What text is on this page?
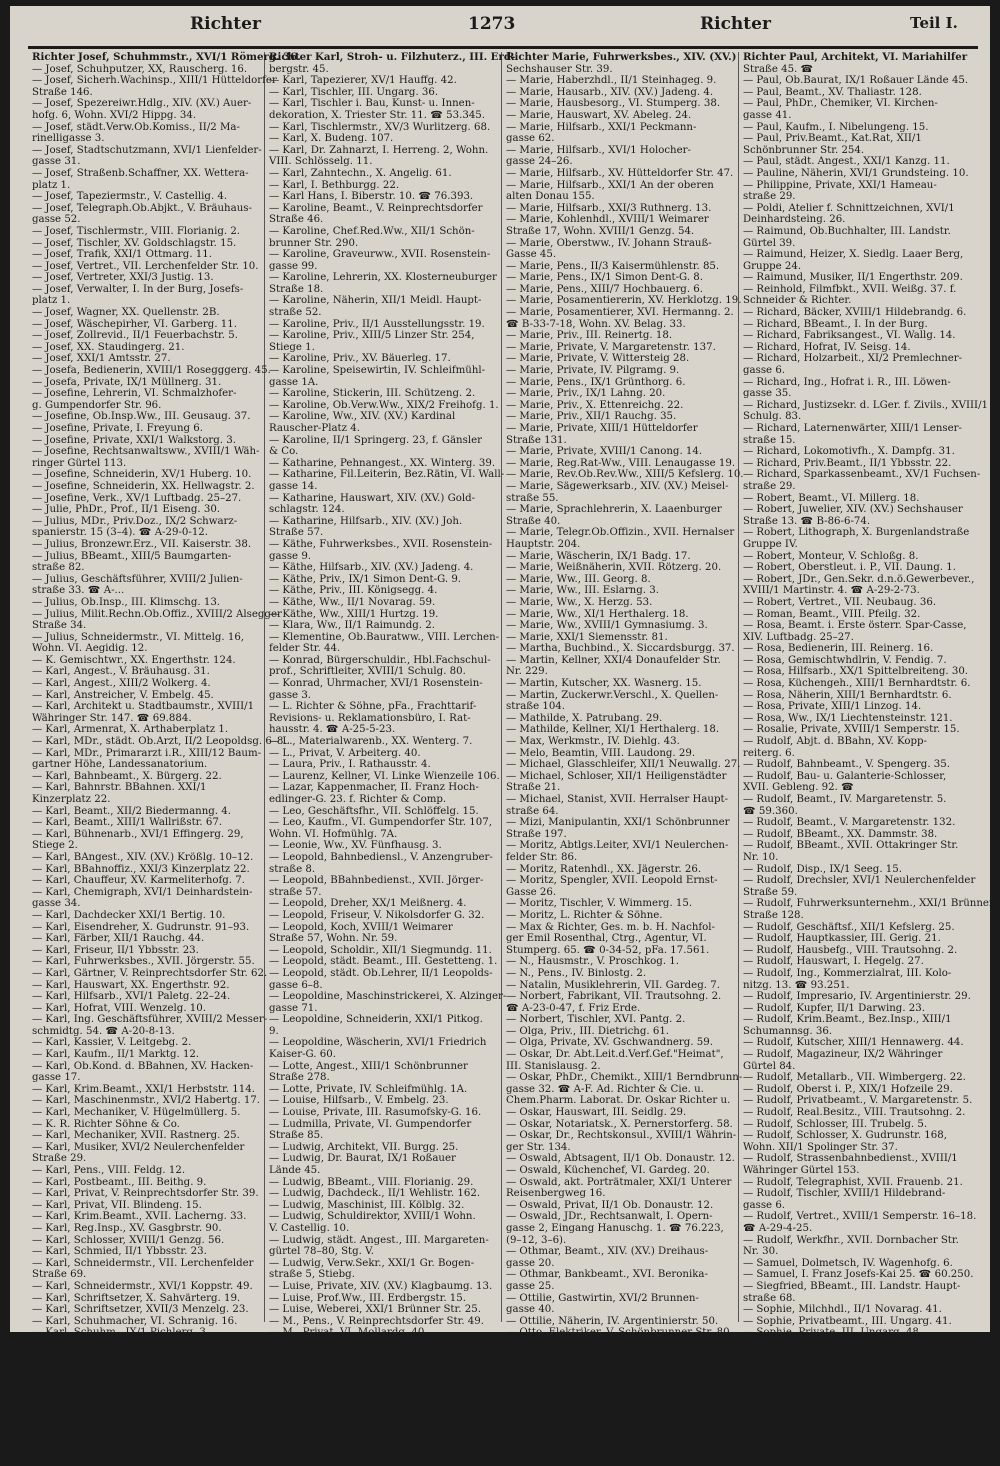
Richter	1273	Richter	Teil I.
Richter Josef, Schuhmmstr., XVI/1 Römerg. 36.
— Josef, Schuhputzer, XX, Rauscherg. 16.
— Josef, Sicherh.Wachinsp., XIII/1 Hütteldorfer
Straße 146.
— Josef, Spezereiwr.Hdlg., XIV. (XV.) Auer-
hofg. 6, Wohn. XVI/2 Hippg. 34.
— Josef, städt.Verw.Ob.Komiss., II/2 Ma-
rinelligasse 3.
— Josef, Stadtschutzmann, XVI/1 Lienfelder-
gasse 31.
— Josef, Straßenb.Schaffner, XX. Wettera-
platz 1.
— Josef, Tapeziermstr., V. Castellig. 4.
— Josef, Telegraph.Ob.Abjkt., V. Bräuhaus-
gasse 52.
— Josef, Tischlermstr., VIII. Florianig. 2.
— Josef, Tischler, XV. Goldschlagstr. 15.
— Josef, Trafik, XXI/1 Ottmarg. 11.
— Josef, Vertret., VII. Lerchenfelder Str. 10.
— Josef, Vertreter, XXI/3 Justig. 13.
— Josef, Verwalter, I. In der Burg, Josefs-
platz 1.
— Josef, Wagner, XX. Quellenstr. 2B.
— Josef, Wäschepirher, VI. Garberg. 11.
— Josef, Zollrevid., II/1 Feuerbachstr. 5.
— Josef, XX. Staudingerg. 21.
— Josef, XXI/1 Amtsstr. 27.
— Josefa, Bedienerin, XVIII/1 Rosegggerg. 45.
— Josefa, Private, IX/1 Müllnerg. 31.
— Josefine, Lehrerin, VI. Schmalzhofer-
g. Gumpendorfer Str. 96.
— Josefine, Ob.Insp.Ww., III. Geusaug. 37.
— Josefine, Private, I. Freyung 6.
— Josefine, Private, XXI/1 Walkstorg. 3.
— Josefine, Rechtsanwaltsww., XVIII/1 Wäh-
ringer Gürtel 113.
— Josefine, Schneiderin, XV/1 Huberg. 10.
— Josefine, Schneiderin, XX. Hellwagstr. 2.
— Josefine, Verk., XV/1 Luftbadg. 25–27.
— Julie, PhDr., Prof., II/1 Eiseng. 30.
— Julius, MDr., Priv.Doz., IX/2 Schwarz-
spanierstr. 15 (3–4). ☎ A-29-0-12.
— Julius, Bronzewr.Erz., VII. Kaiserstr. 38.
— Julius, BBeamt., XIII/5 Baumgarten-
straße 82.
— Julius, Geschäftsführer, XVIII/2 Julien-
straße 33. ☎ A-...
— Julius, Ob.Insp., III. Klimschg. 13.
— Julius, Milit.Rechn.Ob.Offiz., XVIII/2 Alsegger
Straße 34.
— Julius, Schneidermstr., VI. Mittelg. 16,
Wohn. VI. Aegidig. 12.
— K. Gemischtwr., XX. Engerthstr. 124.
— Karl, Angest., V. Bräuhausg. 31.
— Karl, Angest., XIII/2 Wolkerg. 4.
— Karl, Anstreicher, V. Embelg. 45.
— Karl, Architekt u. Stadtbaumstr., XVIII/1
Währinger Str. 147. ☎ 69.884.
— Karl, Armenrat, X. Arthaberplatz 1.
— Karl, MDr., städt. Ob.Arzt, II/2 Leopoldsg. 6–8.
— Karl, MDr., Primararzt i.R., XIII/12 Baum-
gartner Höhe, Landessanatorium.
— Karl, Bahnbeamt., X. Bürgerg. 22.
— Karl, Bahnrstr. BBahnen. XXI/1
Kinzerplatz 22.
— Karl, Beamt., XII/2 Biedermanng. 4.
— Karl, Beamt., XIII/1 Wallrißstr. 67.
— Karl, Bühnenarb., XVI/1 Effingerg. 29,
Stiege 2.
— Karl, BAngest., XIV. (XV.) Krößlg. 10–12.
— Karl, BBahnoffiz., XXI/3 Kinzerplatz 22.
— Karl, Chauffeur, XV. Karmeliterhofg. 7.
— Karl, Chemigraph, XVI/1 Deinhardstein-
gasse 34.
— Karl, Dachdecker XXI/1 Bertig. 10.
— Karl, Eisendreher, X. Gudrunstr. 91–93.
— Karl, Färber, XII/1 Rauchg. 44.
— Karl, Friseur, II/1 Ybbsstr. 23.
— Karl, Fuhrwerksbes., XVII. Jörgerstr. 55.
— Karl, Gärtner, V. Reinprechtsdorfer Str. 62.
— Karl, Hauswart, XX. Engerthstr. 92.
— Karl, Hilfsarb., XVI/1 Paletg. 22–24.
— Karl, Hofrat, VIII. Wenzelg. 10.
— Karl, Ing. Geschäftsführer, XVIII/2 Messer-
schmidtg. 54. ☎ A-20-8-13.
— Karl, Kassier, V. Leitgebg. 2.
— Karl, Kaufm., II/1 Marktg. 12.
— Karl, Ob.Kond. d. BBahnen, XV. Hacken-
gasse 17.
— Karl, Krim.Beamt., XXI/1 Herbststr. 114.
— Karl, Maschinenmstr., XVI/2 Habertg. 17.
— Karl, Mechaniker, V. Hügelmüllerg. 5.
— K. R. Richter Söhne & Co.
— Karl, Mechaniker, XVII. Rastnerg. 25.
— Karl, Musiker, XVI/2 Neulerchenfelder
Straße 29.
— Karl, Pens., VIII. Feldg. 12.
— Karl, Postbeamt., III. Beithg. 9.
— Karl, Privat, V. Reinprechtsdorfer Str. 39.
— Karl, Privat, VII. Blindeng. 15.
— Karl, Krim.Beamt., XVII. Lacherng. 33.
— Karl, Reg.Insp., XV. Gasgbrstr. 90.
— Karl, Schlosser, XVIII/1 Genzg. 56.
— Karl, Schmied, II/1 Ybbsstr. 23.
— Karl, Schneidermstr., VII. Lerchenfelder
Straße 69.
— Karl, Schneidermstr., XVI/1 Koppstr. 49.
— Karl, Schriftsetzer, X. Sahvärterg. 19.
— Karl, Schriftsetzer, XVII/3 Menzelg. 23.
— Karl, Schuhmacher, VI. Schranig. 16.
— Karl, Schuhm., IX/1 Pichlerg. 3.
— Karl, Spengler, X. Dampfg. 35, Stiege 5.
— Karl, Spengler, XV/1 Böhmerg. 10.
— Karl, Spengler, XVII. Hernalser Haupt-
straße 184. ☎ A-23-1-16, Wohn. Nr. 165.
— Karl, städt. Lehrer, XX/3 Nordmanng. 96.
— Karl, städt. Rechn.Revid., XXI/1 Urbang. 8.
— Karl, stabsm. u. Gem.Rat, XXI/1
Schönbrunner Str. 264.
Richter Karl, Stroh- u. Filzhuterz., III. Erd-
bergstr. 45.
— Karl, Tapezierer, XV/1 Hauffg. 42.
— Karl, Tischler, III. Ungarg. 36.
— Karl, Tischler i. Bau, Kunst- u. Innen-
dekoration, X. Triester Str. 11. ☎ 53.345.
— Karl, Tischlermstr., XV/3 Wurlitzerg. 68.
— Karl, X. Budeng. 107.
— Karl, Dr. Zahnarzt, I. Herreng. 2, Wohn.
VIII. Schlösselg. 11.
— Karl, Zahntechn., X. Angelig. 61.
— Karl, I. Bethburgg. 22.
— Karl Hans, I. Biberstr. 10. ☎ 76.393.
— Karoline, Beamt., V. Reinprechtsdorfer
Straße 46.
— Karoline, Chef.Red.Ww., XII/1 Schön-
brunner Str. 290.
— Karoline, Graveurww., XVII. Rosenstein-
gasse 99.
— Karoline, Lehrerin, XX. Klosterneuburger
Straße 18.
— Karoline, Näherin, XII/1 Meidl. Haupt-
straße 52.
— Karoline, Priv., II/1 Ausstellungsstr. 19.
— Karoline, Priv., XIII/5 Linzer Str. 254,
Stiege 1.
— Karoline, Priv., XV. Bäuerleg. 17.
— Karoline, Speisewirtin, IV. Schleifmühl-
gasse 1A.
— Karoline, Stickerin, III. Schützeng. 2.
— Karoline, Ob.Verw.Ww., XIX/2 Freihofg. 1.
— Karoline, Ww., XIV. (XV.) Kardinal
Rauscher-Platz 4.
— Karoline, II/1 Springerg. 23, f. Gänsler
& Co.
— Katharine, Pehnangest., XX. Winterg. 39.
— Katharine, Fil.Leiterin, Bez.Rätin, VI. Wall-
gasse 14.
— Katharine, Hauswart, XIV. (XV.) Gold-
schlagstr. 124.
— Katharine, Hilfsarb., XIV. (XV.) Joh.
Straße 57.
— Käthe, Fuhrwerksbes., XVII. Rosenstein-
gasse 9.
— Käthe, Hilfsarb., XIV. (XV.) Jadeng. 4.
— Käthe, Priv., IX/1 Simon Dent-G. 9.
— Käthe, Priv., III. Königsegg. 4.
— Käthe, Ww., II/1 Novarag. 59.
— Käthe, Ww., XIII/1 Hurtzg. 19.
— Klara, Ww., II/1 Raimundg. 2.
— Klementine, Ob.Bauratww., VIII. Lerchen-
felder Str. 44.
— Konrad, Bürgerschuldir., Hbl.Fachschul-
prof., Schriftleiter, XVIII/1 Schulg. 80.
— Konrad, Uhrmacher, XVI/1 Rosenstein-
gasse 3.
— L. Richter & Söhne, pFa., Frachttarif-
Revisions- u. Reklamationsbüro, I. Rat-
hausstr. 4. ☎ A-25-5-23.
— L., Materialwarenb., XX. Wenterg. 7.
— L., Privat, V. Arbeiterg. 40.
— Laura, Priv., I. Rathausstr. 4.
— Laurenz, Kellner, VI. Linke Wienzeile 106.
— Lazar, Kappenmacher, II. Franz Hoch-
edlinger-G. 23. f. Richter & Comp.
— Leo, Geschäftsfhr., VII. Schlöffelg. 15.
— Leo, Kaufm., VI. Gumpendorfer Str. 107,
Wohn. VI. Hofmühlg. 7A.
— Leonie, Ww., XV. Fünfhausg. 3.
— Leopold, Bahnbediensl., V. Anzengruber-
straße 8.
— Leopold, BBahnbedienst., XVII. Jörger-
straße 57.
— Leopold, Dreher, XX/1 Meißnerg. 4.
— Leopold, Friseur, V. Nikolsdorfer G. 32.
— Leopold, Koch, XVIII/1 Weimarer
Straße 57, Wohn. Nr. 59.
— Leopold, Scholdir., XII/1 Siegmundg. 11.
— Leopold, städt. Beamt., III. Gestetteng. 1.
— Leopold, städt. Ob.Lehrer, II/1 Leopolds-
gasse 6–8.
— Leopoldine, Maschinstrickerei, X. Alzinger-
gasse 71.
— Leopoldine, Schneiderin, XXI/1 Pitkog.
9.
— Leopoldine, Wäscherin, XVI/1 Friedrich
Kaiser-G. 60.
— Lotte, Angest., XIII/1 Schönbrunner
Straße 278.
— Lotte, Private, IV. Schleifmühlg. 1A.
— Louise, Hilfsarb., V. Embelg. 23.
— Louise, Private, III. Rasumofsky-G. 16.
— Ludmilla, Private, VI. Gumpendorfer
Straße 85.
— Ludwig, Architekt, VII. Burgg. 25.
— Ludwig, Dr. Baurat, IX/1 Roßauer
Lände 45.
— Ludwig, BBeamt., VIII. Florianig. 29.
— Ludwig, Dachdeck., II/1 Wehlistr. 162.
— Ludwig, Maschinist, III. Kölblg. 32.
— Ludwig, Schuldirektor, XVIII/1 Wohn.
V. Castellig. 10.
— Ludwig, städt. Angest., III. Margareten-
gürtel 78–80, Stg. V.
— Ludwig, Verw.Sekr., XXI/1 Gr. Bogen-
straße 5, Stiebg.
— Luise, Private, XIV. (XV.) Klagbaumg. 13.
— Luise, Prof.Ww., III. Erdbergstr. 15.
— Luise, Weberei, XXI/1 Brünner Str. 25.
— M., Pens., V. Reinprechtsdorfer Str. 49.
— M., Privat, VI. Mollardg. 40.
— Magdalene, Ww., X. Leibnizg. 16.
— Magdalene, Hilfsarb., XXI/1 Dieffen-
bachg. 40.
— Magdalene, Pens., IX/2 Alserstr. 40.
— Malvine, Private, I. Johanneg. 2.
☎ 77.675.
— Margarete, Beamtin, III. Schlachthausg. 16.
— Marie, Bedier., IX/1 Marting. 13.
— Marie, Bedien., XIV. (XV.) Ortnerg. 2.
— Marie, elektr. Wäscherolle, XV. Joanelli-
gasse 10, Wohn. VI. Schlebeg. 2.
Richter Marie, Fuhrwerksbes., XIV. (XV.)
Sechshauser Str. 39.
— Marie, Haberzhdl., II/1 Steinhageg. 9.
— Marie, Hausarb., XIV. (XV.) Jadeng. 4.
— Marie, Hausbesorg., VI. Stumperg. 38.
— Marie, Hauswart, XV. Abeleg. 24.
— Marie, Hilfsarb., XXI/1 Peckmann-
gasse 62.
— Marie, Hilfsarb., XVI/1 Holocher-
gasse 24–26.
— Marie, Hilfsarb., XV. Hütteldorfer Str. 47.
— Marie, Hilfsarb., XXI/1 An der oberen
alten Donau 155.
— Marie, Hilfsarb., XXI/3 Ruthnerg. 13.
— Marie, Kohlenhdl., XVIII/1 Weimarer
Straße 17, Wohn. XVIII/1 Genzg. 54.
— Marie, Oberstww., IV. Johann Strauß-
Gasse 45.
— Marie, Pens., II/3 Kaisermühlenstr. 85.
— Marie, Pens., IX/1 Simon Dent-G. 8.
— Marie, Pens., XIII/7 Hochbauerg. 6.
— Marie, Posamentiererin, XV. Herklotzg. 19.
— Marie, Posamentierer, XVI. Hermanng. 2.
☎ B-33-7-18, Wohn. XV. Belag. 33.
— Marie, Priv., III. Reinertg. 18.
— Marie, Private, V. Margaretenstr. 137.
— Marie, Private, V. Wittersteig 28.
— Marie, Private, IV. Pilgramg. 9.
— Marie, Pens., IX/1 Grünthorg. 6.
— Marie, Priv., IX/1 Lahng. 20.
— Marie, Priv., X. Ettenreichg. 22.
— Marie, Priv., XII/1 Rauchg. 35.
— Marie, Private, XIII/1 Hütteldorfer
Straße 131.
— Marie, Private, XVIII/1 Canong. 14.
— Marie, Reg.Rat-Ww., VIII. Lenaugasse 19.
— Marie, Rev.Ob.Rev.Ww., XIII/5 Kefslerg. 10.
— Marie, Sägewerksarb., XIV. (XV.) Meisel-
straße 55.
— Marie, Sprachlehrerin, X. Laaenburger
Straße 40.
— Marie, Telegr.Ob.Offizin., XVII. Hernalser
Hauptstr. 204.
— Marie, Wäscherin, IX/1 Badg. 17.
— Marie, Weißnäherin, XVII. Rötzerg. 20.
— Marie, Ww., III. Georg. 8.
— Marie, Ww., III. Eslarng. 3.
— Marie, Ww., X. Herzg. 53.
— Marie, Ww., XI/1 Herthalerg. 18.
— Marie, Ww., XVIII/1 Gymnasiumg. 3.
— Marie, XXI/1 Siemensstr. 81.
— Martha, Buchbind., X. Siccardsburgg. 37.
— Martin, Kellner, XXI/4 Donaufelder Str.
Nr. 229.
— Martin, Kutscher, XX. Wasnerg. 15.
— Martin, Zuckerwr.Verschl., X. Quellen-
straße 104.
— Mathilde, X. Patrubang. 29.
— Mathilde, Kellner, XI/1 Herthalerg. 18.
— Max, Werkmstr., IV. Diehlg. 43.
— Melo, Beamtin, VIII. Laudong. 29.
— Michael, Glasschleifer, XII/1 Neuwallg. 27.
— Michael, Schloser, XII/1 Heiligenstädter
Straße 21.
— Michael, Stanist, XVII. Herralser Haupt-
straße 64.
— Mizi, Manipulantin, XXI/1 Schönbrunner
Straße 197.
— Moritz, Abtlgs.Leiter, XVI/1 Neulerchen-
felder Str. 86.
— Moritz, Ratenhdl., XX. Jägerstr. 26.
— Moritz, Spengler, XVII. Leopold Ernst-
Gasse 26.
— Moritz, Tischler, V. Wimmerg. 15.
— Moritz, L. Richter & Söhne.
— Max & Richter, Ges. m. b. H. Nachfol-
ger Emil Rosenthal, Ctrg., Agentur, VI.
Stumperg. 65. ☎ 0-34-52, pFa. 17.561.
— N., Hausmstr., V. Proschkog. 1.
— N., Pens., IV. Binlostg. 2.
— Natalin, Musiklehrerin, VII. Gardeg. 7.
— Norbert, Fabrikant, VII. Trautsohng. 2.
☎ A-23-0-47, f. Friz Erde.
— Norbert, Tischler, XVI. Pantg. 2.
— Olga, Priv., III. Dietrichg. 61.
— Olga, Private, XV. Gschwandnerg. 59.
— Oskar, Dr. Abt.Leit.d.Verf.Gef."Heimat",
III. Stanislausg. 2.
— Oskar, PhDr., Chemikt., XIII/1 Berndbrunn-
gasse 32. ☎ A-F. Ad. Richter & Cie. u.
Chem.Pharm. Laborat. Dr. Oskar Richter u.
— Oskar, Hauswart, III. Seidlg. 29.
— Oskar, Notariatsk., X. Pernerstorferg. 58.
— Oskar, Dr., Rechtskonsul., XVIII/1 Währin-
ger Str. 134.
— Oswald, Abtsagent, II/1 Ob. Donaustr. 12.
— Oswald, Küchenchef, VI. Gardeg. 20.
— Oswald, akt. Porträtmaler, XXI/1 Unterer
Reisenbergweg 16.
— Oswald, Privat, II/1 Ob. Donaustr. 12.
— Oswald, JDr., Rechtsanwalt, I. Opern-
gasse 2, Eingang Hanuschg. 1. ☎ 76.223,
(9–12, 3–6).
— Othmar, Beamt., XIV. (XV.) Dreihaus-
gasse 20.
— Othmar, Bankbeamt., XVI. Beronika-
gasse 25.
— Ottilie, Gastwirtin, XVI/2 Brunnen-
gasse 40.
— Ottilie, Näherin, IV. Argentinierstr. 50.
— Otto, Elektriker, V. Schönbrunner Str. 80.
— Otto, Kellner, XXI/3 Siemensstr. 28.
— Otto, Pens., VI. Gumpendorfer Str. 106.
— Otto, Priv., XVII. Bergsteigg. 33.
— Otto, Vertret., XX. Nordbahnstr. 10.
— Paul, Kanzl., Chemiker, VI. Hirschengr. 6.
— Paul, Amtsdiener, II/1 Sterneckplatz 4.
Richter Paul, Architekt, VI. Mariahilfer
Straße 45. ☎
— Paul, Ob.Baurat, IX/1 Roßauer Lände 45.
— Paul, Beamt., XV. Thaliastr. 128.
— Paul, PhDr., Chemiker, VI. Kirchen-
gasse 41.
— Paul, Kaufm., I. Nibelungeng. 15.
— Paul, Priv.Beamt., Kat.Rat, XII/1
Schönbrunner Str. 254.
— Paul, städt. Angest., XXI/1 Kanzg. 11.
— Pauline, Näherin, XVI/1 Grundsteing. 10.
— Philippine, Private, XXI/1 Hameau-
straße 29.
— Poldi, Atelier f. Schnittzeichnen, XVI/1
Deinhardsteing. 26.
— Raimund, Ob.Buchhalter, III. Landstr.
Gürtel 39.
— Raimund, Heizer, X. Siedlg. Laaer Berg,
Gruppe 24.
— Raimund, Musiker, II/1 Engerthstr. 209.
— Reinhold, Filmfbkt., XVII. Weißg. 37. f.
Schneider & Richter.
— Richard, Bäcker, XVIII/1 Hildebrandg. 6.
— Richard, BBeamt., I. In der Burg.
— Richard, Fabriksangest., VI. Wallg. 14.
— Richard, Hofrat, IV. Seisg. 14.
— Richard, Holzarbeit., XI/2 Premlechner-
gasse 6.
— Richard, Ing., Hofrat i. R., III. Löwen-
gasse 35.
— Richard, Justizsekr. d. LGer. f. Zivils., XVIII/1
Schulg. 83.
— Richard, Laternenwärter, XIII/1 Lenser-
straße 15.
— Richard, Lokomotivfh., X. Dampfg. 31.
— Richard, Priv.Beamt., II/1 Ybbsstr. 22.
— Richard, Sparkassenbeamt., XV/1 Fuchsen-
straße 29.
— Robert, Beamt., VI. Millerg. 18.
— Robert, Juwelier, XIV. (XV.) Sechshauser
Straße 13. ☎ B-86-6-74.
— Robert, Lithograph, X. Burgenlandstraße
Gruppe IV.
— Robert, Monteur, V. Schloßg. 8.
— Robert, Oberstleut. i. P., VII. Daung. 1.
— Robert, JDr., Gen.Sekr. d.n.ö.Gewerbever.,
XVIII/1 Martinstr. 4. ☎ A-29-2-73.
— Robert, Vertret., VII. Neubaug. 36.
— Roman, Beamt., VIII. Pfeilg. 32.
— Rosa, Beamt. i. Erste österr. Spar-Casse,
XIV. Luftbadg. 25–27.
— Rosa, Bedienerin, III. Reinerg. 16.
— Rosa, Gemischtwhdlrin, V. Fendig. 7.
— Rosa, Hilfsarb., XX/1 Spittelbreiteng. 30.
— Rosa, Küchengeh., XIII/1 Bernhardtstr. 6.
— Rosa, Näherin, XIII/1 Bernhardtstr. 6.
— Rosa, Private, XIII/1 Linzog. 14.
— Rosa, Ww., IX/1 Liechtensteinstr. 121.
— Rosalie, Private, XVIII/1 Semperstr. 15.
— Rudolf, Abjt. d. BBahn, XV. Kopp-
reiterg. 6.
— Rudolf, Bahnbeamt., V. Spengerg. 35.
— Rudolf, Bau- u. Galanterie-Schlosser,
XVII. Gebleng. 92. ☎
— Rudolf, Beamt., IV. Margaretenstr. 5.
☎ 59.360.
— Rudolf, Beamt., V. Margaretenstr. 132.
— Rudolf, BBeamt., XX. Dammstr. 38.
— Rudolf, BBeamt., XVII. Ottakringer Str.
Nr. 10.
— Rudolf, Disp., IX/1 Seeg. 15.
— Rudolf, Drechsler, XVI/1 Neulerchenfelder
Straße 59.
— Rudolf, Fuhrwerksunternehm., XXI/1 Brünner
Straße 128.
— Rudolf, Geschäftsf., XII/1 Kefslerg. 25.
— Rudolf, Hauptkassier, III. Gerig. 21.
— Rudolf, Hausbefg., VIII. Trautsohng. 2.
— Rudolf, Hauswart, I. Hegelg. 27.
— Rudolf, Ing., Kommerzialrat, III. Kolo-
nitzg. 13. ☎ 93.251.
— Rudolf, Impresario, IV. Argentinierstr. 29.
— Rudolf, Kupfer, II/1 Darwing. 23.
— Rudolf, Krim.Beamt., Bez.Insp., XIII/1
Schumannsg. 36.
— Rudolf, Kutscher, XIII/1 Hennawerg. 44.
— Rudolf, Magazineur, IX/2 Währinger
Gürtel 84.
— Rudolf, Metallarb., VII. Wimbergerg. 22.
— Rudolf, Oberst i. P., XIX/1 Hofzeile 29.
— Rudolf, Privatbeamt., V. Margaretenstr. 5.
— Rudolf, Real.Besitz., VIII. Trautsohng. 2.
— Rudolf, Schlosser, III. Trubelg. 5.
— Rudolf, Schlosser, X. Gudrunstr. 168,
Wohn. XII/1 Spolinger Str. 37.
— Rudolf, Strassenbahnbedienst., XVIII/1
Währinger Gürtel 153.
— Rudolf, Telegraphist, XVII. Frauenb. 21.
— Rudolf, Tischler, XVIII/1 Hildebrand-
gasse 6.
— Rudolf, Vertret., XVIII/1 Semperstr. 16–18.
☎ A-29-4-25.
— Rudolf, Werkfhr., XVII. Dornbacher Str.
Nr. 30.
— Samuel, Dolmetsch, IV. Wagenhofg. 6.
— Samuel, I. Franz Josefs-Kai 25. ☎ 60.250.
— Siegfried, BBeamt., III. Landstr. Haupt-
straße 68.
— Sophie, Milchhdl., II/1 Novarag. 41.
— Sophie, Privatbeamt., III. Ungarg. 41.
— Sophie, Private, III. Ungarg. 48.
— Sophie, Ww., XV/1 Siemensstr. 98.
— Stanislaus, BAngest., XV. Fünfhausg. 19.
— Stephan, Direkt. i. P., III. Landstr. Haupt-
straße 14. ☎ 97.627.
— Stephan, Domänendir. a. D., III. Landstr.
Hauptstr. 20.
— Stephan, Pens., V. Wimmerg. 28.
— Stephan, Zahnatelier, XVIII/1 Salierg.
gasse 25.
